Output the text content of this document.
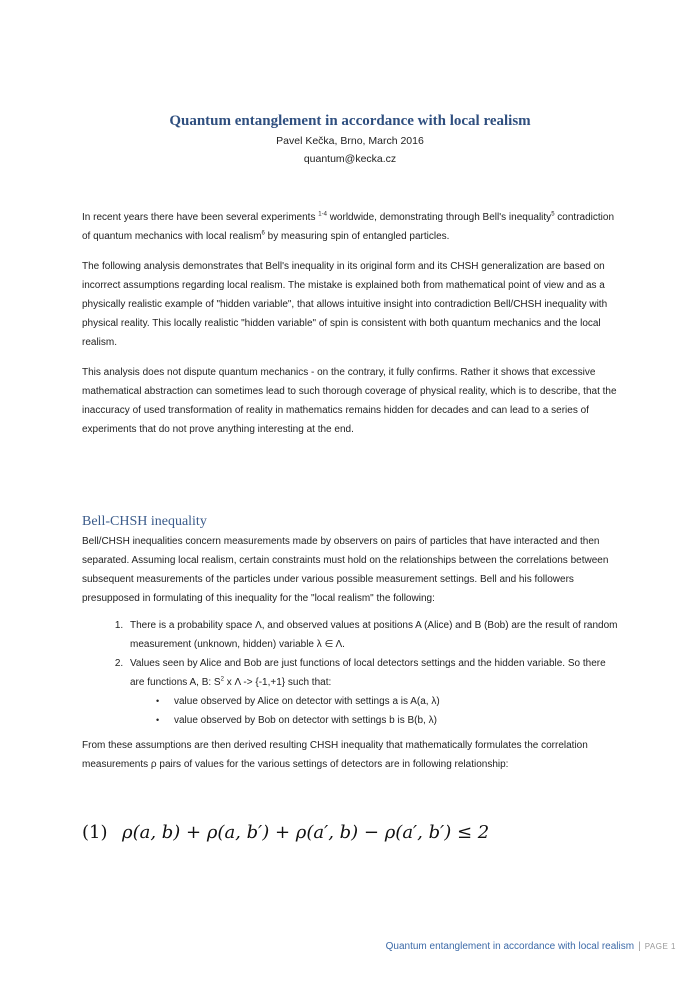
Quantum entanglement in accordance with local realism
Pavel Kečka, Brno, March 2016
quantum@kecka.cz

In recent years there have been several experiments $^{1-4}$ worldwide, demonstrating through Bell's inequality$^5$ contradiction of quantum mechanics with local realism$^6$ by measuring spin of entangled particles.

The following analysis demonstrates that Bell's inequality in its original form and its CHSH generalization are based on incorrect assumptions regarding local realism. The mistake is explained both from mathematical point of view and as a physically realistic example of "hidden variable", that allows intuitive insight into contradiction Bell/CHSH inequality with physical reality. This locally realistic "hidden variable" of spin is consistent with both quantum mechanics and the local realism.

This analysis does not dispute quantum mechanics - on the contrary, it fully confirms. Rather it shows that excessive mathematical abstraction can sometimes lead to such thorough coverage of physical reality, which is to describe, that the inaccuracy of used transformation of reality in mathematics remains hidden for decades and can lead to a series of experiments that do not prove anything interesting at the end.

Bell-CHSH inequality

Bell/CHSH inequalities concern measurements made by observers on pairs of particles that have interacted and then separated. Assuming local realism, certain constraints must hold on the relationships between the correlations between subsequent measurements of the particles under various possible measurement settings. Bell and his followers presupposed in formulating of this inequality for the "local realism" the following:

1. There is a probability space Λ, and observed values at positions A (Alice) and B (Bob) are the result of random measurement (unknown, hidden) variable λ ∈ Λ.
2. Values seen by Alice and Bob are just functions of local detectors settings and the hidden variable. So there are functions A, B: $S^2$ x Λ -> {-1,+1} such that:
• value observed by Alice on detector with settings a is A(a, λ)
• value observed by Bob on detector with settings b is B(b, λ)

From these assumptions are then derived resulting CHSH inequality that mathematically formulates the correlation measurements ρ pairs of values for the various settings of detectors are in following relationship:

(1) ρ(a, b) + ρ(a, b′) + ρ(a′, b) − ρ(a′, b′) ≤ 2
Quantum entanglement in accordance with local realism | PAGE 1
